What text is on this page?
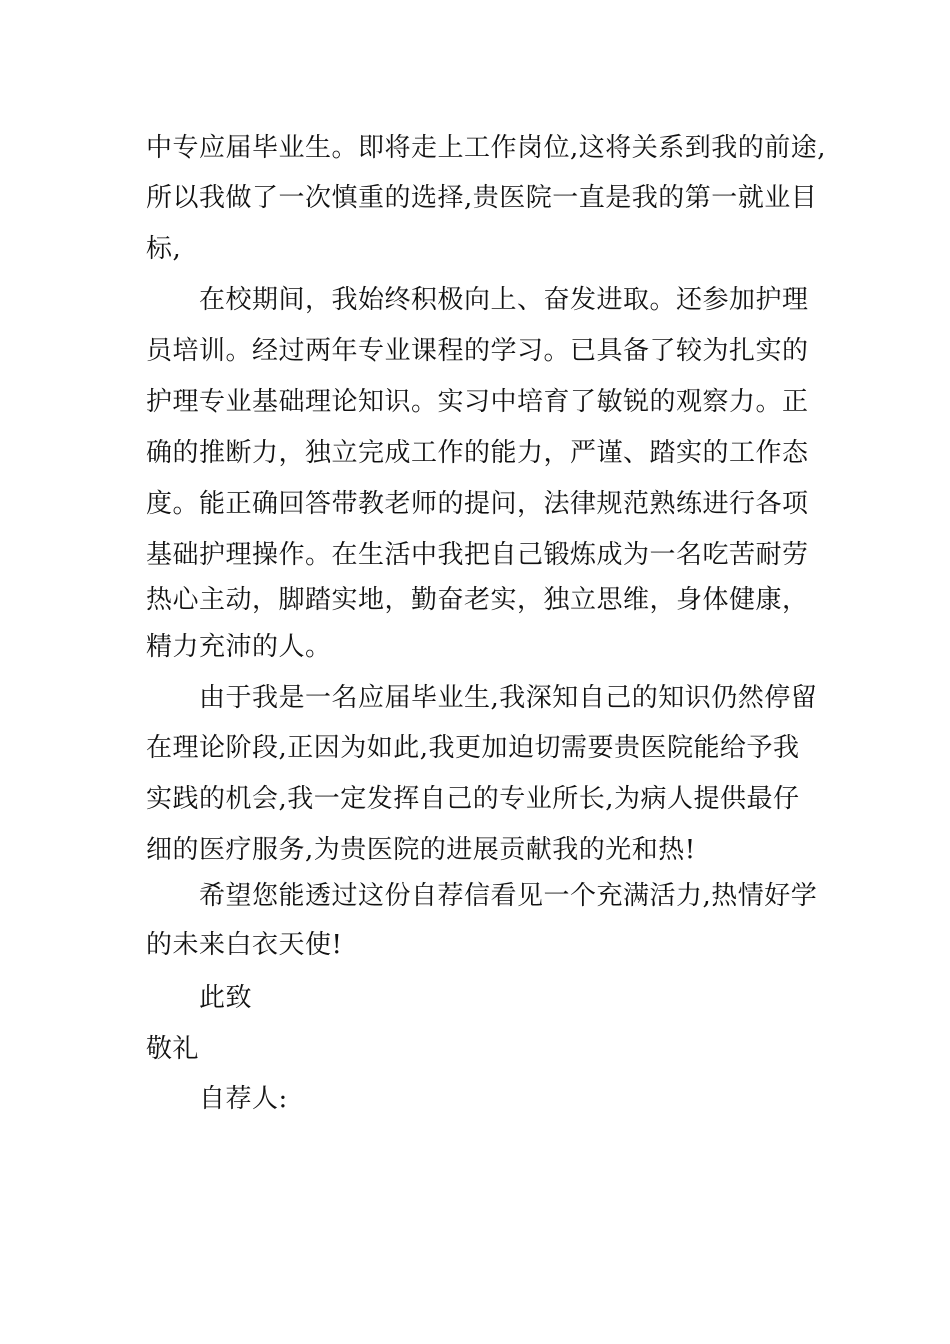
中专应届毕业生。即将走上工作岗位,这将关系到我的前途,
所以我做了一次慎重的选择,贵医院一直是我的第一就业目
标,
在校期间，我始终积极向上、奋发进取。还参加护理
员培训。经过两年专业课程的学习。已具备了较为扎实的
护理专业基础理论知识。实习中培育了敏锐的观察力。正
确的推断力，独立完成工作的能力，严谨、踏实的工作态
度。能正确回答带教老师的提问，法律规范熟练进行各项
基础护理操作。在生活中我把自己锻炼成为一名吃苦耐劳
热心主动，脚踏实地，勤奋老实，独立思维，身体健康，
精力充沛的人。
由于我是一名应届毕业生,我深知自己的知识仍然停留
在理论阶段,正因为如此,我更加迫切需要贵医院能给予我
实践的机会,我一定发挥自己的专业所长,为病人提供最仔
细的医疗服务,为贵医院的进展贡献我的光和热!
希望您能透过这份自荐信看见一个充满活力,热情好学
的未来白衣天使!
此致
敬礼
自荐人:
